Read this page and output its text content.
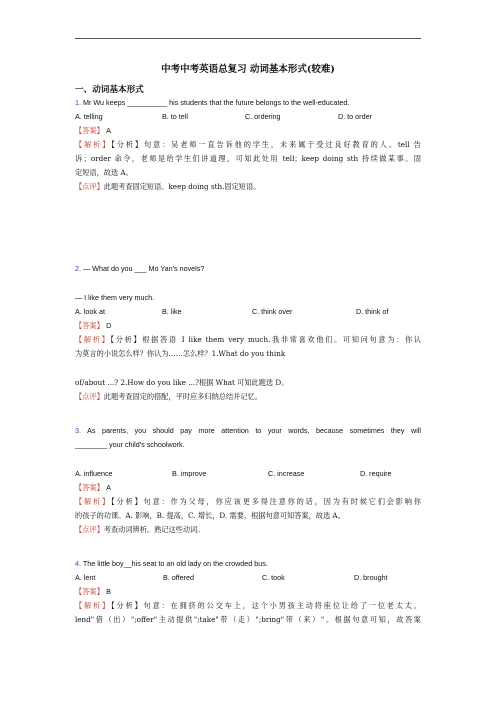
中考中考英语总复习 动词基本形式(较难)
一、动词基本形式
1. Mr Wu keeps __________ his students that the future belongs to the well-educated.
A. telling	B. to tell	C. ordering	D. to order
【答案】 A
【解析】【分析】句意：吴老师一直告诉他的学生，未来属于受过良好教育的人。tell 告
诉；order 命令，老师是给学生们讲道理，可知此处用 tell；keep doing sth 持续做某事。固
定短语，故选 A。
【点评】此题考查固定短语。keep doing sth.固定短语。
2. — What do you ___ Mo Yan's novels?
— I like them very much.
A. look at	B. like	C. think over	D. think of
【答案】 D
【解析】【分析】根据答语 I like them very much.我非常喜欢他们。可知问句意为：你认
为莫言的小说怎么样？你认为……怎么样？1.What do you think
of/about ...? 2.How do you like ...?根据 What 可知此题选 D。
【点评】此题考查固定的搭配，平时应多归纳总结并记忆。
3. As parents, you should pay more attention to your words, because sometimes they will
________ your child's schoolwork.
A. influence	B. improve	C. increase	D. require
【答案】 A
【解析】【分析】句意：作为父母，你应该更多得注意你的话，因为有时候它们会影响你
的孩子的功课。A. 影响，B. 提高，C. 增长，D. 需要，根据句意可知答案，故选 A。
【点评】考查动词辨析。熟记这些动词。
4. The little boy__his seat to an old lady on the crowded bus.
A. lent	B. offered	C. took	D. brought
【答案】 B
【解析】【分析】句意：在拥挤的公交车上，这个小男孩主动将座位让给了一位老太太。
lend"借（出）";offer"主动提供";take"带（走）";bring"带（来）"。根据句意可知，故答案
